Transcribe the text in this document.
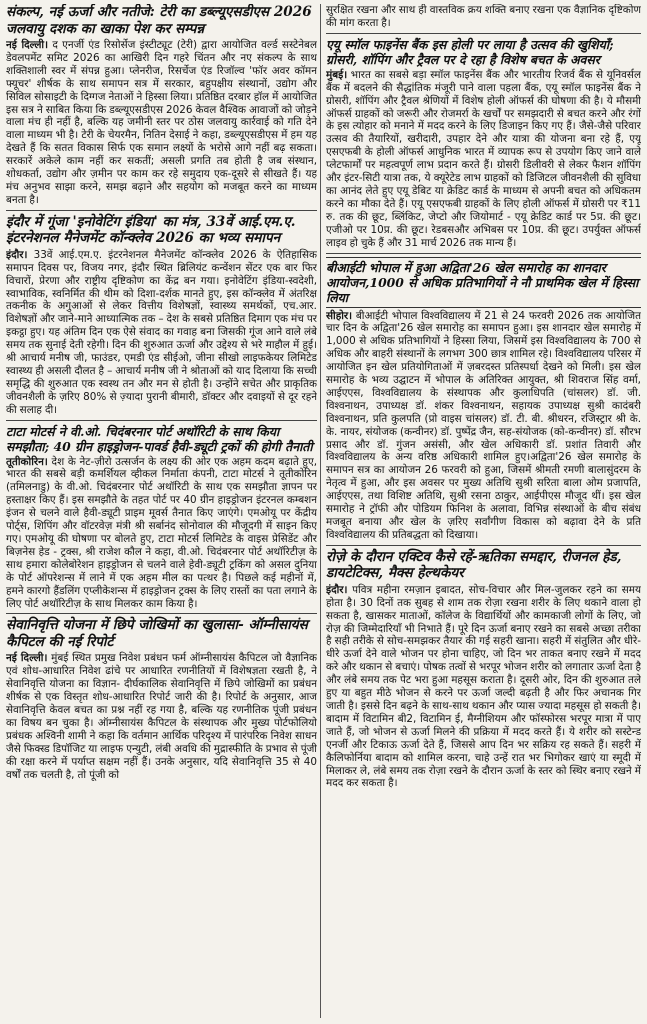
संकल्प, नई ऊर्जा और नतीजे: टेरी का डब्ल्यूएसडीएस 2026 जलवायु दशक का खाका पेश कर सम्पन्न

नई दिल्ली। द एनर्जी एंड रिसोर्सेज इंस्टीट्यूट (टेरी) द्वारा आयोजित वर्ल्ड सस्टेनेबल डेवलपमेंट समिट 2026 का आखिरी दिन गहरे चिंतन और नए संकल्प के साथ शक्तिशाली स्वर में संपन्न हुआ। प्लेनरीज, रिसर्चेज एंड रिजॉल्व 'फॉर अवर कॉमन फ्यूचर' शीर्षक के साथ समापन सत्र में सरकार, बहुपक्षीय संस्थानों, उद्योग और सिविल सोसाइटी के दिग्गज नेताओं ने हिस्सा लिया। प्रतिष्ठित दरबार हॉल में आयोजित इस सत्र ने साबित किया कि डब्ल्यूएसडीएस 2026 केवल वैश्विक आवाजों को जोड़ने वाला मंच ही नहीं है, बल्कि यह जमीनी स्तर पर ठोस जलवायु कार्रवाई को गति देने वाला माध्यम भी है। टेरी के चेयरमैन, नितिन देसाई ने कहा, डब्ल्यूएसडीएस में हम यह देखते हैं कि सतत विकास सिर्फ एक समान लक्ष्यों के भरोसे आगे नहीं बढ़ सकता। सरकारें अकेले काम नहीं कर सकतीं; असली प्रगति तब होती है जब संस्थान, शोधकर्ता, उद्योग और ज़मीन पर काम कर रहे समुदाय एक-दूसरे से सीखते हैं। यह मंच अनुभव साझा करने, समझ बढ़ाने और सहयोग को मजबूत करने का माध्यम बनता है।

इंदौर में गूंजा 'इनोवेटिंग इंडिया' का मंत्र, 33वें आई.एम.ए. इंटरनेशनल मैनेजमेंट कॉन्क्लेव 2026 का भव्य समापन

इंदौर। 33वें आई.एम.ए. इंटरनेशनल मैनेजमेंट कॉन्क्लेव 2026 के ऐतिहासिक समापन दिवस पर, विजय नगर, इंदौर स्थित ब्रिलियंट कन्वेंशन सेंटर एक बार फिर विचारों, प्रेरणा और राष्ट्रीय दृष्टिकोण का केंद्र बन गया। इनोवेटिंग इंडिया-स्वदेशी, स्वाभाविक, स्वनिर्मित की थीम को दिशा-दर्शक मानते हुए, इस कॉन्क्लेव में अंतरिक्ष तकनीक के अगुआओं से लेकर वित्तीय विशेषज्ञों, स्वास्थ्य समर्थकों, एच.आर. विशेषज्ञों और जाने-माने आध्यात्मिक तक – देश के सबसे प्रतिष्ठित दिमाग एक मंच पर इकट्ठा हुए। यह अंतिम दिन एक ऐसे संवाद का गवाह बना जिसकी गूंज आने वाले लंबे समय तक सुनाई देती रहेगी। दिन की शुरुआत ऊर्जा और उद्देश्य से भरे माहौल में हुई। श्री आचार्य मनीष जी, फाउंडर, एमडी एंड सीईओ, जीना सीखो लाइफकेयर लिमिटेड स्वास्थ्य ही असली दौलत है – आचार्य मनीष जी ने श्रोताओं को याद दिलाया कि सच्ची समृद्धि की शुरुआत एक स्वस्थ तन और मन से होती है। उन्होंने सचेत और प्राकृतिक जीवनशैली के ज़रिए 80% से ज़्यादा पुरानी बीमारी, डॉक्टर और दवाइयों से दूर रहने की सलाह दी।

टाटा मोटर्स ने वी.ओ. चिदंबरनार पोर्ट अथॉरिटी के साथ किया समझौता; 40 ग्रीन हाइड्रोजन-पावर्ड हैवी-ड्यूटी ट्रकों की होगी तैनाती

तूतीकोरिन। देश के नेट-ज़ीरो उत्सर्जन के लक्ष्य की ओर एक अहम कदम बढ़ाते हुए, भारत की सबसे बड़ी कमर्शियल व्हीकल निर्माता कंपनी, टाटा मोटर्स ने तूतीकोरिन (तमिलनाडु) के वी.ओ. चिदंबरनार पोर्ट अथॉरिटी के साथ एक समझौता ज्ञापन पर हस्ताक्षर किए हैं। इस समझौते के तहत पोर्ट पर 40 ग्रीन हाइड्रोजन इंटरनल कम्बशन इंजन से चलने वाले हैवी-ड्यूटी प्राइम मूवर्स तैनात किए जाएंगे। एमओयू पर केंद्रीय पोर्ट्स, शिपिंग और वॉटरवेज़ मंत्री श्री सर्बानंद सोनोवाल की मौजूदगी में साइन किए गए। एमओयू की घोषणा पर बोलते हुए, टाटा मोटर्स लिमिटेड के वाइस प्रेसिडेंट और बिज़नेस हेड - ट्रक्स, श्री राजेश कौल ने कहा, वी.ओ. चिदंबरनार पोर्ट अथॉरिटीज़ के साथ हमारा कोलेबोरेशन हाइड्रोजन से चलने वाले हेवी-ड्यूटी ट्रकिंग को असल दुनिया के पोर्ट ऑपरेशन्स में लाने में एक अहम मील का पत्थर है। पिछले कई महीनों में, हमने कारगो हैंडलिंग एप्लीकेशन्स में हाइड्रोजन ट्रक्स के लिए रास्तों का पता लगाने के लिए पोर्ट अथॉरिटीज़ के साथ मिलकर काम किया है।

सेवानिवृत्ति योजना में छिपे जोखिमों का खुलासा- ऑम्नीसायंस कैपिटल की नई रिपोर्ट

नई दिल्ली। मुंबई स्थित प्रमुख निवेश प्रबंधन फर्म ऑम्नीसायंस कैपिटल जो वैज्ञानिक एवं शोध-आधारित निवेश ढांचे पर आधारित रणनीतियों में विशेषज्ञता रखती है, ने सेवानिवृत्ति योजना का विज्ञान- दीर्घकालिक सेवानिवृत्ति में छिपे जोखिमों का प्रबंधन शीर्षक से एक विस्तृत शोध-आधारित रिपोर्ट जारी की है। रिपोर्ट के अनुसार, आज सेवानिवृत्ति केवल बचत का प्रश्न नहीं रह गया है, बल्कि यह रणनीतिक पूंजी प्रबंधन का विषय बन चुका है। ऑम्नीसायंस कैपिटल के संस्थापक और मुख्य पोर्टफोलियो प्रबंधक अश्विनी शामी ने कहा कि वर्तमान आर्थिक परिदृश्य में पारंपरिक निवेश साधन जैसे फिक्स्ड डिपॉजिट या लाइफ एन्युटी, लंबी अवधि की मुद्रास्फीति के प्रभाव से पूंजी की रक्षा करने में पर्याप्त सक्षम नहीं हैं। उनके अनुसार, यदि सेवानिवृत्ति 35 से 40 वर्षों तक चलती है, तो पूंजी को

सुरक्षित रखना और साथ ही वास्तविक क्रय शक्ति बनाए रखना एक वैज्ञानिक दृष्टिकोण की मांग करता है।

एयू स्मॉल फाइनेंस बैंक इस होली पर लाया है उत्सव की खुशियाँ; ग्रोसरी, शॉपिंग और ट्रैवल पर दे रहा है विशेष बचत के अवसर

मुंबई। भारत का सबसे बड़ा स्मॉल फाइनेंस बैंक और भारतीय रिजर्व बैंक से यूनिवर्सल बैंक में बदलने की सैद्धांतिक मंजूरी पाने वाला पहला बैंक, एयू स्मॉल फाइनेंस बैंक ने ग्रोसरी, शॉपिंग और ट्रैवल श्रेणियों में विशेष होली ऑफर्स की घोषणा की है। ये मौसमी ऑफर्स ग्राहकों को जरूरी और रोजमर्रा के खर्चों पर समझदारी से बचत करने और रंगों के इस त्योहार को मनाने में मदद करने के लिए डिजाइन किए गए हैं। जैसे-जैसे परिवार उत्सव की तैयारियों, खरीदारी, उपहार देने और यात्रा की योजना बना रहे हैं, एयू एसएफबी के होली ऑफर्स आधुनिक भारत में व्यापक रूप से उपयोग किए जाने वाले प्लेटफार्मों पर महत्वपूर्ण लाभ प्रदान करते हैं। ग्रोसरी डिलीवरी से लेकर फैशन शॉपिंग और इंटर-सिटी यात्रा तक, ये क्यूरेटेड लाभ ग्राहकों को डिजिटल जीवनशैली की सुविधा का आनंद लेते हुए एयू डेबिट या क्रेडिट कार्ड के माध्यम से अपनी बचत को अधिकतम करने का मौका देते हैं। एयू एसएफबी ग्राहकों के लिए होली ऑफर्स में ग्रोसरी पर ₹11 रु. तक की छूट, ब्लिंकिट, जेप्टो और जियोमार्ट - एयू क्रेडिट कार्ड पर 5प्र. की छूट। एजीओ पर 10प्र. की छूट। रेडबसऔर अभिबस पर 10प्र. की छूट। उपर्युक्त ऑफर्स लाइव हो चुके हैं और 31 मार्च 2026 तक मान्य हैं।

बीआईटी भोपाल में हुआ अद्विता'26 खेल समारोह का शानदार आयोजन,1000 से अधिक प्रतिभागियों ने नौ प्राथमिक खेल में हिस्सा लिया

सीहोर। बीआईटी भोपाल विश्वविद्यालय में 21 से 24 फरवरी 2026 तक आयोजित चार दिन के अद्विता'26 खेल समारोह का समापन हुआ। इस शानदार खेल समारोह में 1,000 से अधिक प्रतिभागियों ने हिस्सा लिया, जिसमें इस विश्वविद्यालय के 700 से अधिक और बाहरी संस्थानों के लगभग 300 छात्र शामिल रहे। विश्वविद्यालय परिसर में आयोजित इन खेल प्रतियोगिताओं में ज़बरदस्त प्रतिस्पर्धा देखने को मिली। इस खेल समारोह के भव्य उद्घाटन में भोपाल के अतिरिक्त आयुक्त, श्री शिवराज सिंह वर्मा, आईएएस, विश्वविद्यालय के संस्थापक और कुलाधिपति (चांसलर) डॉ. जी. विश्वनाथन, उपाध्यक्ष डॉ. शंकर विश्वनाथन, सहायक उपाध्यक्ष सुश्री कादंबरी विश्वनाथन, प्रति कुलपति (प्रो वाइस चांसलर) डॉ. टी. बी. श्रीधरन, रजिस्ट्रार श्री के. के. नायर, संयोजक (कन्वीनर) डॉ. पुष्पेंद्र जैन, सह-संयोजक (को-कन्वीनर) डॉ. सौरभ प्रसाद और डॉ. गुंजन असंसी, और खेल अधिकारी डॉ. प्रशांत तिवारी और विश्वविद्यालय के अन्य वरिष्ठ अधिकारी शामिल हुए।अद्विता'26 खेल समारोह के समापन सत्र का आयोजन 26 फरवरी को हुआ, जिसमें श्रीमती रमणी बालासुंदरम के नेतृत्व में हुआ, और इस अवसर पर मुख्य अतिथि सुश्री सरिता बाला ओम प्रजापति, आईएएस, तथा विशिष्ट अतिथि, सुश्री रसना ठाकुर, आईपीएस मौजूद थीं। इस खेल समारोह ने ट्रॉफी और पोडियम फिनिश के अलावा, विभिन्न संस्थाओं के बीच संबंध मजबूत बनाया और खेल के ज़रिए सर्वांगीण विकास को बढ़ावा देने के प्रति विश्वविद्यालय की प्रतिबद्धता को दिखाया।

रोज़े के दौरान एक्टिव कैसे रहें-ऋतिका समद्दार, रीजनल हेड, डायटेटिक्स, मैक्स हेल्थकेयर

इंदौर। पवित्र महीना रमज़ान इबादत, सोच-विचार और मिल-जुलकर रहने का समय होता है। 30 दिनों तक सुबह से शाम तक रोज़ा रखना शरीर के लिए थकाने वाला हो सकता है, खासकर माताओं, कॉलेज के विद्यार्थियों और कामकाजी लोगों के लिए, जो रोज़ की जिम्मेदारियाँ भी निभाते हैं। पूरे दिन ऊर्जा बनाए रखने का सबसे अच्छा तरीका है सही तरीके से सोच-समझकर तैयार की गई सहरी खाना। सहरी में संतुलित और धीरे-धीरे ऊर्जा देने वाले भोजन पर होना चाहिए, जो दिन भर ताकत बनाए रखने में मदद करे और थकान से बचाएं। पोषक तत्वों से भरपूर भोजन शरीर को लगातार ऊर्जा देता है और लंबे समय तक पेट भरा हुआ महसूस कराता है। दूसरी ओर, दिन की शुरुआत तले हुए या बहुत मीठे भोजन से करने पर ऊर्जा जल्दी बढ़ती है और फिर अचानक गिर जाती है। इससे दिन बढ़ने के साथ-साथ थकान और प्यास ज्यादा महसूस हो सकती है। बादाम में विटामिन बी2, विटामिन ई, मैग्नीशियम और फॉस्फोरस भरपूर मात्रा में पाए जाते हैं, जो भोजन से ऊर्जा मिलने की प्रक्रिया में मदद करते हैं। ये शरीर को सस्टेन्ड एनर्जी और टिकाऊ ऊर्जा देते हैं, जिससे आप दिन भर सक्रिय रह सकते हैं। सहरी में कैलिफोर्निया बादाम को शामिल करना, चाहे उन्हें रात भर भिगोकर खाएं या स्मूदी में मिलाकर ले, लंबे समय तक रोज़ा रखने के दौरान ऊर्जा के स्तर को स्थिर बनाए रखने में मदद कर सकता है।
